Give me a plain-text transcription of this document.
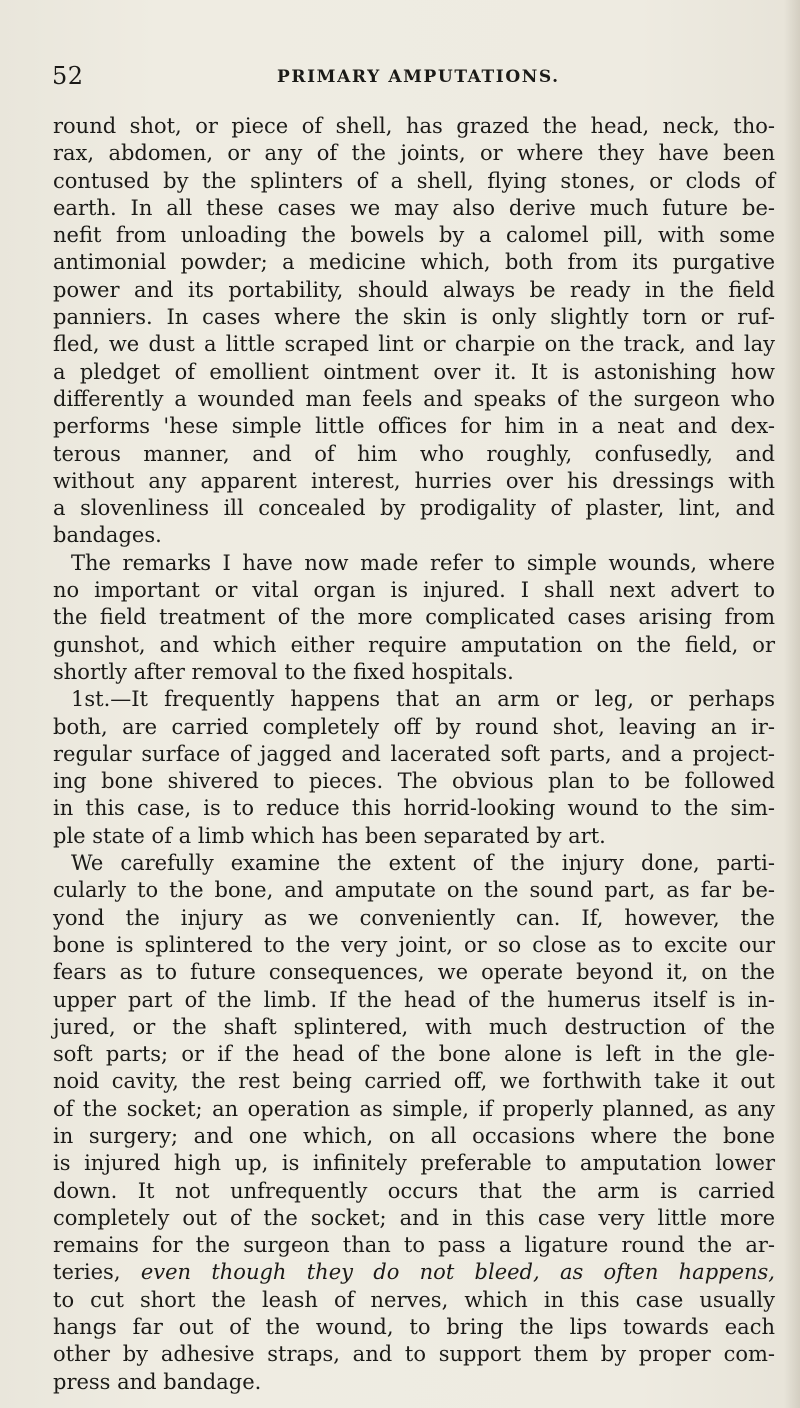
52	PRIMARY AMPUTATIONS.
round shot, or piece of shell, has grazed the head, neck, tho-
rax, abdomen, or any of the joints, or where they have been
contused by the splinters of a shell, flying stones, or clods of
earth. In all these cases we may also derive much future be-
nefit from unloading the bowels by a calomel pill, with some
antimonial powder; a medicine which, both from its purgative
power and its portability, should always be ready in the field
panniers. In cases where the skin is only slightly torn or ruf-
fled, we dust a little scraped lint or charpie on the track, and lay
a pledget of emollient ointment over it. It is astonishing how
differently a wounded man feels and speaks of the surgeon who
performs 'hese simple little offices for him in a neat and dex-
terous manner, and of him who roughly, confusedly, and
without any apparent interest, hurries over his dressings with
a slovenliness ill concealed by prodigality of plaster, lint, and
bandages.
The remarks I have now made refer to simple wounds, where
no important or vital organ is injured. I shall next advert to
the field treatment of the more complicated cases arising from
gunshot, and which either require amputation on the field, or
shortly after removal to the fixed hospitals.
1st.—It frequently happens that an arm or leg, or perhaps
both, are carried completely off by round shot, leaving an ir-
regular surface of jagged and lacerated soft parts, and a project-
ing bone shivered to pieces. The obvious plan to be followed
in this case, is to reduce this horrid-looking wound to the sim-
ple state of a limb which has been separated by art.
We carefully examine the extent of the injury done, parti-
cularly to the bone, and amputate on the sound part, as far be-
yond the injury as we conveniently can. If, however, the
bone is splintered to the very joint, or so close as to excite our
fears as to future consequences, we operate beyond it, on the
upper part of the limb. If the head of the humerus itself is in-
jured, or the shaft splintered, with much destruction of the
soft parts; or if the head of the bone alone is left in the gle-
noid cavity, the rest being carried off, we forthwith take it out
of the socket; an operation as simple, if properly planned, as any
in surgery; and one which, on all occasions where the bone
is injured high up, is infinitely preferable to amputation lower
down. It not unfrequently occurs that the arm is carried
completely out of the socket; and in this case very little more
remains for the surgeon than to pass a ligature round the ar-
teries, even though they do not bleed, as often happens,
to cut short the leash of nerves, which in this case usually
hangs far out of the wound, to bring the lips towards each
other by adhesive straps, and to support them by proper com-
press and bandage.
